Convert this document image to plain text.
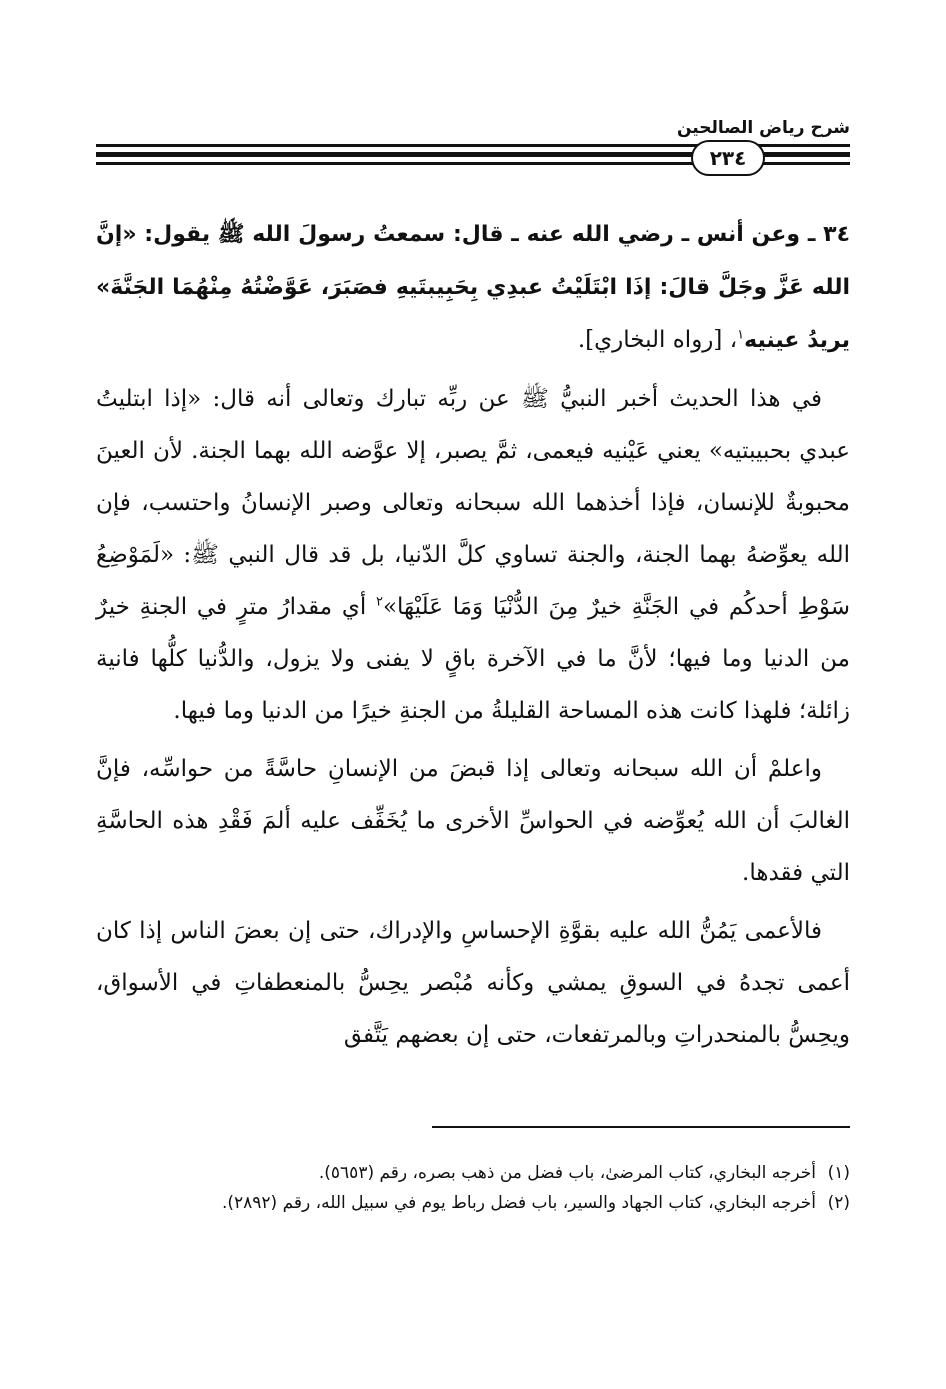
شرح رياض الصالحين
٢٣٤

٣٤ ـ وعن أنس ـ رضي الله عنه ـ قال: سمعتُ رسولَ الله ﷺ يقول: «إنَّ الله عَزَّ وجَلَّ قالَ: إذَا ابْتَلَيْتُ عبدِي بِحَبِيبتَيهِ فصَبَرَ، عَوَّضْتُهُ مِنْهُمَا الجَنَّةَ» يريدُ عينيه$^١$، [رواه البخاري].

في هذا الحديث أخبر النبيُّ ﷺ عن ربِّه تبارك وتعالى أنه قال: «إذا ابتليتُ عبدي بحبيبتيه» يعني عَيْنيه فيعمى، ثمَّ يصبر، إلا عوَّضه الله بهما الجنة. لأن العينَ محبوبةٌ للإنسان، فإذا أخذهما الله سبحانه وتعالى وصبر الإنسانُ واحتسب، فإن الله يعوِّضهُ بهما الجنة، والجنة تساوي كلَّ الدّنيا، بل قد قال النبي ﷺ: «لَمَوْضِعُ سَوْطِ أحدكُم في الجَنَّةِ خيرٌ مِنَ الدُّنْيَا وَمَا عَلَيْهَا»$^٢$ أي مقدارُ مترٍ في الجنةِ خيرٌ من الدنيا وما فيها؛ لأنَّ ما في الآخرة باقٍ لا يفنى ولا يزول، والدُّنيا كلُّها فانية زائلة؛ فلهذا كانت هذه المساحة القليلةُ من الجنةِ خيرًا من الدنيا وما فيها.

واعلمْ أن الله سبحانه وتعالى إذا قبضَ من الإنسانِ حاسَّةً من حواسِّه، فإنَّ الغالبَ أن الله يُعوِّضه في الحواسِّ الأخرى ما يُخَفِّف عليه ألمَ فَقْدِ هذه الحاسَّةِ التي فقدها.

فالأعمى يَمُنُّ الله عليه بقوَّةِ الإحساسِ والإدراك، حتى إن بعضَ الناس إذا كان أعمى تجدهُ في السوقِ يمشي وكأنه مُبْصر يحِسُّ بالمنعطفاتِ في الأسواق، ويحِسُّ بالمنحدراتِ وبالمرتفعات، حتى إن بعضهم يَتَّفق

(١)
أخرجه البخاري، كتاب المرضىٰ، باب فضل من ذهب بصره، رقم (٥٦٥٣).
(٢)
أخرجه البخاري، كتاب الجهاد والسير، باب فضل رباط يوم في سبيل الله، رقم (٢٨٩٢).
